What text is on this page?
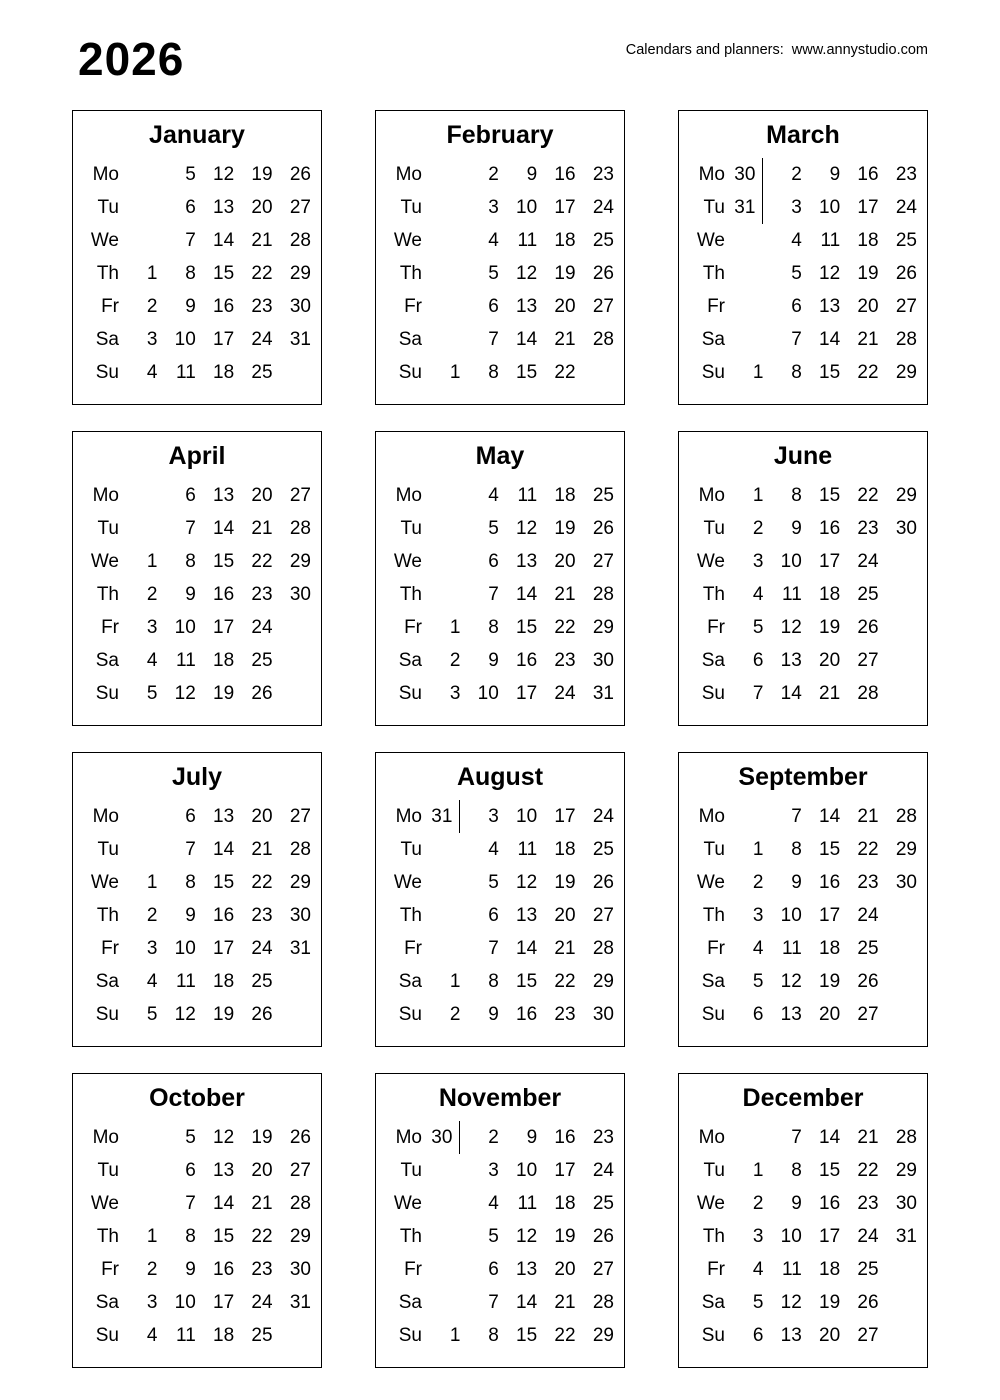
2026	Calendars and planners:  www.annystudio.com
January
Mo		5	12	19	26
Tu		6	13	20	27
We		7	14	21	28
Th	1	8	15	22	29
Fr	2	9	16	23	30
Sa	3	10	17	24	31
Su	4	11	18	25	
February
Mo		2	9	16	23
Tu		3	10	17	24
We		4	11	18	25
Th		5	12	19	26
Fr		6	13	20	27
Sa		7	14	21	28
Su	1	8	15	22	
March
Mo	30	2	9	16	23
Tu	31	3	10	17	24
We		4	11	18	25
Th		5	12	19	26
Fr		6	13	20	27
Sa		7	14	21	28
Su	1	8	15	22	29
April
Mo		6	13	20	27
Tu		7	14	21	28
We	1	8	15	22	29
Th	2	9	16	23	30
Fr	3	10	17	24	
Sa	4	11	18	25	
Su	5	12	19	26	
May
Mo		4	11	18	25
Tu		5	12	19	26
We		6	13	20	27
Th		7	14	21	28
Fr	1	8	15	22	29
Sa	2	9	16	23	30
Su	3	10	17	24	31
June
Mo	1	8	15	22	29
Tu	2	9	16	23	30
We	3	10	17	24	
Th	4	11	18	25	
Fr	5	12	19	26	
Sa	6	13	20	27	
Su	7	14	21	28	
July
Mo		6	13	20	27
Tu		7	14	21	28
We	1	8	15	22	29
Th	2	9	16	23	30
Fr	3	10	17	24	31
Sa	4	11	18	25	
Su	5	12	19	26	
August
Mo	31	3	10	17	24
Tu		4	11	18	25
We		5	12	19	26
Th		6	13	20	27
Fr		7	14	21	28
Sa	1	8	15	22	29
Su	2	9	16	23	30
September
Mo		7	14	21	28
Tu	1	8	15	22	29
We	2	9	16	23	30
Th	3	10	17	24	
Fr	4	11	18	25	
Sa	5	12	19	26	
Su	6	13	20	27	
October
Mo		5	12	19	26
Tu		6	13	20	27
We		7	14	21	28
Th	1	8	15	22	29
Fr	2	9	16	23	30
Sa	3	10	17	24	31
Su	4	11	18	25	
November
Mo	30	2	9	16	23
Tu		3	10	17	24
We		4	11	18	25
Th		5	12	19	26
Fr		6	13	20	27
Sa		7	14	21	28
Su	1	8	15	22	29
December
Mo		7	14	21	28
Tu	1	8	15	22	29
We	2	9	16	23	30
Th	3	10	17	24	31
Fr	4	11	18	25	
Sa	5	12	19	26	
Su	6	13	20	27	
